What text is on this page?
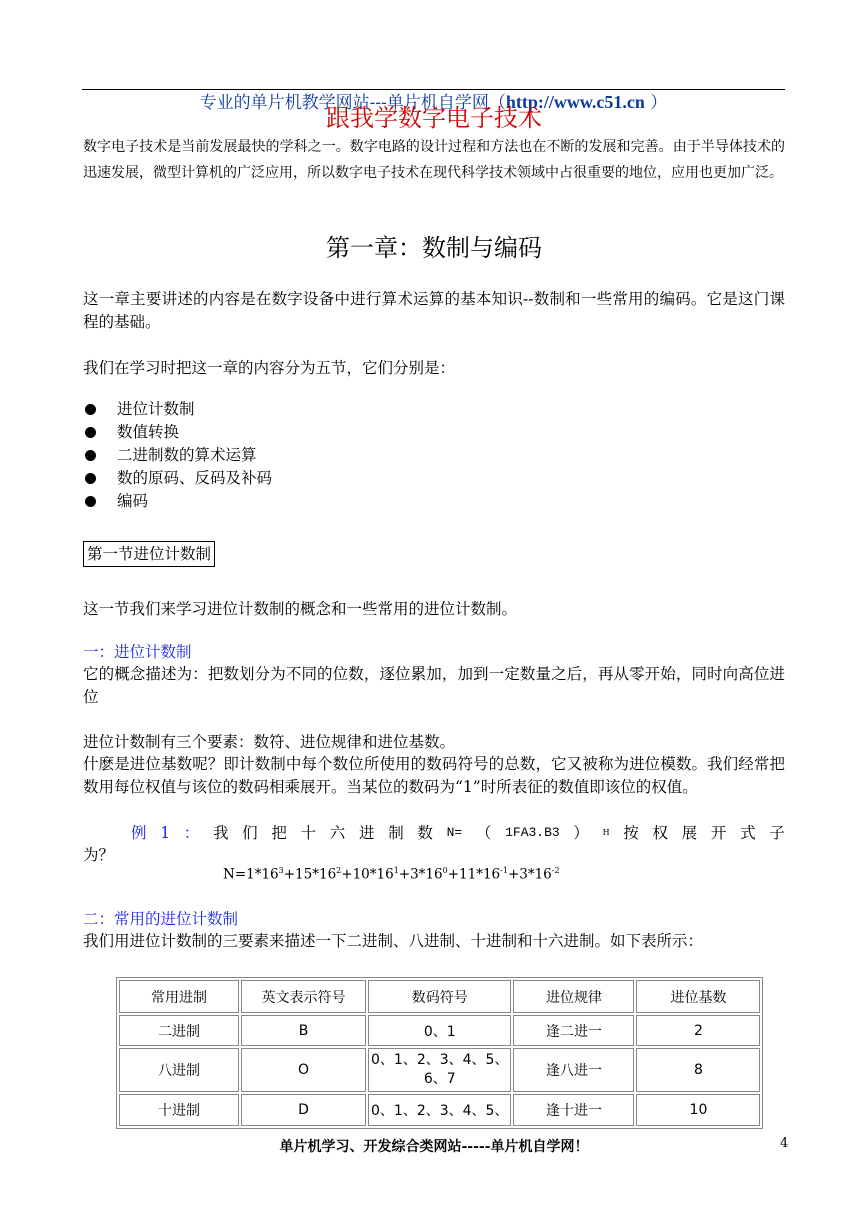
专业的单片机教学网站---单片机自学网（http://www.c51.cn ）
跟我学数字电子技术
数字电子技术是当前发展最快的学科之一。数字电路的设计过程和方法也在不断的发展和完善。由于半导体技术的迅速发展，微型计算机的广泛应用，所以数字电子技术在现代科学技术领域中占很重要的地位，应用也更加广泛。
第一章：数制与编码
这一章主要讲述的内容是在数字设备中进行算术运算的基本知识--数制和一些常用的编码。它是这门课程的基础。
我们在学习时把这一章的内容分为五节，它们分别是：
进位计数制
数值转换
二进制数的算术运算
数的原码、反码及补码
编码
第一节进位计数制
这一节我们来学习进位计数制的概念和一些常用的进位计数制。
一：进位计数制
它的概念描述为：把数划分为不同的位数，逐位累加，加到一定数量之后，再从零开始，同时向高位进位
进位计数制有三个要素：数符、进位规律和进位基数。
什麽是进位基数呢？即计数制中每个数位所使用的数码符号的总数，它又被称为进位模数。我们经常把数用每位权值与该位的数码相乘展开。当某位的数码为“1”时所表征的数值即该位的权值。
例 1 ： 我 们 把 十 六 进 制 数 N= （ 1FA3.B3 ） H 按 权 展 开 式 子
为？
$N=1*16^3+15*16^2+10*16^1+3*16^0+11*16^{-1}+3*16^{-2}$
二：常用的进位计数制
我们用进位计数制的三要素来描述一下二进制、八进制、十进制和十六进制。如下表所示：
常用进制	英文表示符号	数码符号	进位规律	进位基数
二进制	B	0、1	逢二进一	2
八进制	O	0、1、2、3、4、5、6、7	逢八进一	8
十进制	D	0、1、2、3、4、5、	逢十进一	10
单片机学习、开发综合类网站-----单片机自学网！	4
